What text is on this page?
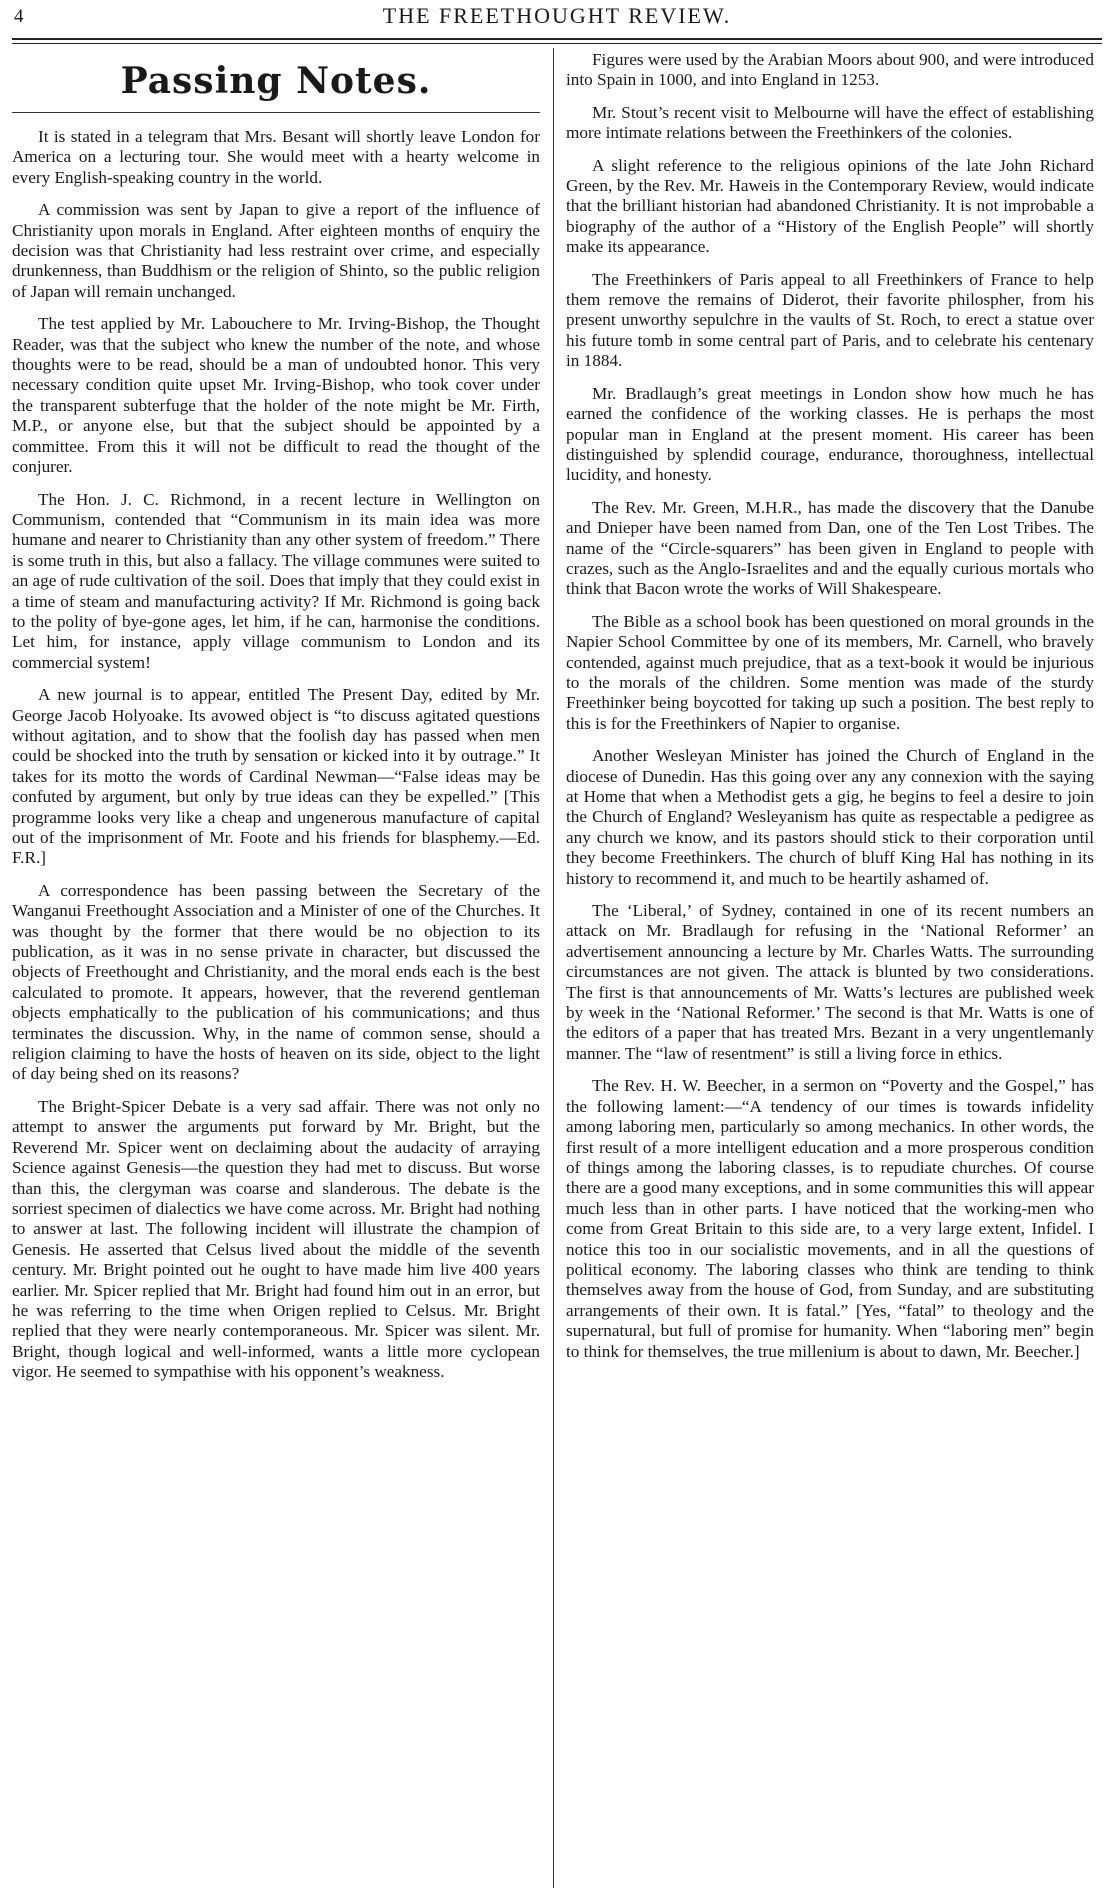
4	THE FREETHOUGHT REVIEW.
Passing Notes.

It is stated in a telegram that Mrs. Besant will shortly leave London for America on a lecturing tour. She would meet with a hearty welcome in every English-speaking country in the world.

A commission was sent by Japan to give a report of the influence of Christianity upon morals in England. After eighteen months of enquiry the decision was that Christianity had less restraint over crime, and especially drunkenness, than Buddhism or the religion of Shinto, so the public religion of Japan will remain unchanged.

The test applied by Mr. Labouchere to Mr. Irving-Bishop, the Thought Reader, was that the subject who knew the number of the note, and whose thoughts were to be read, should be a man of undoubted honor. This very necessary condition quite upset Mr. Irving-Bishop, who took cover under the transparent subterfuge that the holder of the note might be Mr. Firth, M.P., or anyone else, but that the subject should be appointed by a committee. From this it will not be difficult to read the thought of the conjurer.

The Hon. J. C. Richmond, in a recent lecture in Wellington on Communism, contended that “Communism in its main idea was more humane and nearer to Christianity than any other system of freedom.” There is some truth in this, but also a fallacy. The village communes were suited to an age of rude cultivation of the soil. Does that imply that they could exist in a time of steam and manufacturing activity? If Mr. Richmond is going back to the polity of bye-gone ages, let him, if he can, harmonise the conditions. Let him, for instance, apply village communism to London and its commercial system!

A new journal is to appear, entitled The Present Day, edited by Mr. George Jacob Holyoake. Its avowed object is “to discuss agitated questions without agitation, and to show that the foolish day has passed when men could be shocked into the truth by sensation or kicked into it by outrage.” It takes for its motto the words of Cardinal Newman—“False ideas may be confuted by argument, but only by true ideas can they be expelled.” [This programme looks very like a cheap and ungenerous manufacture of capital out of the imprisonment of Mr. Foote and his friends for blasphemy.—Ed. F.R.]

A correspondence has been passing between the Secretary of the Wanganui Freethought Association and a Minister of one of the Churches. It was thought by the former that there would be no objection to its publication, as it was in no sense private in character, but discussed the objects of Freethought and Christianity, and the moral ends each is the best calculated to promote. It appears, however, that the reverend gentleman objects emphatically to the publication of his communications; and thus terminates the discussion. Why, in the name of common sense, should a religion claiming to have the hosts of heaven on its side, object to the light of day being shed on its reasons?

The Bright-Spicer Debate is a very sad affair. There was not only no attempt to answer the arguments put forward by Mr. Bright, but the Reverend Mr. Spicer went on declaiming about the audacity of arraying Science against Genesis—the question they had met to discuss. But worse than this, the clergyman was coarse and slanderous. The debate is the sorriest specimen of dialectics we have come across. Mr. Bright had nothing to answer at last. The following incident will illustrate the champion of Genesis. He asserted that Celsus lived about the middle of the seventh century. Mr. Bright pointed out he ought to have made him live 400 years earlier. Mr. Spicer replied that Mr. Bright had found him out in an error, but he was referring to the time when Origen replied to Celsus. Mr. Bright replied that they were nearly contemporaneous. Mr. Spicer was silent. Mr. Bright, though logical and well-informed, wants a little more cyclopean vigor. He seemed to sympathise with his opponent’s weakness.

Figures were used by the Arabian Moors about 900, and were introduced into Spain in 1000, and into England in 1253.

Mr. Stout’s recent visit to Melbourne will have the effect of establishing more intimate relations between the Freethinkers of the colonies.

A slight reference to the religious opinions of the late John Richard Green, by the Rev. Mr. Haweis in the Contemporary Review, would indicate that the brilliant historian had abandoned Christianity. It is not improbable a biography of the author of a “History of the English People” will shortly make its appearance.

The Freethinkers of Paris appeal to all Freethinkers of France to help them remove the remains of Diderot, their favorite philospher, from his present unworthy sepulchre in the vaults of St. Roch, to erect a statue over his future tomb in some central part of Paris, and to celebrate his centenary in 1884.

Mr. Bradlaugh’s great meetings in London show how much he has earned the confidence of the working classes. He is perhaps the most popular man in England at the present moment. His career has been distinguished by splendid courage, endurance, thoroughness, intellectual lucidity, and honesty.

The Rev. Mr. Green, M.H.R., has made the discovery that the Danube and Dnieper have been named from Dan, one of the Ten Lost Tribes. The name of the “Circle-squarers” has been given in England to people with crazes, such as the Anglo-Israelites and and the equally curious mortals who think that Bacon wrote the works of Will Shakespeare.

The Bible as a school book has been questioned on moral grounds in the Napier School Committee by one of its members, Mr. Carnell, who bravely contended, against much prejudice, that as a text-book it would be injurious to the morals of the children. Some mention was made of the sturdy Freethinker being boycotted for taking up such a position. The best reply to this is for the Freethinkers of Napier to organise.

Another Wesleyan Minister has joined the Church of England in the diocese of Dunedin. Has this going over any any connexion with the saying at Home that when a Methodist gets a gig, he begins to feel a desire to join the Church of England? Wesleyanism has quite as respectable a pedigree as any church we know, and its pastors should stick to their corporation until they become Freethinkers. The church of bluff King Hal has nothing in its history to recommend it, and much to be heartily ashamed of.

The ‘Liberal,’ of Sydney, contained in one of its recent numbers an attack on Mr. Bradlaugh for refusing in the ‘National Reformer’ an advertisement announcing a lecture by Mr. Charles Watts. The surrounding circumstances are not given. The attack is blunted by two considerations. The first is that announcements of Mr. Watts’s lectures are published week by week in the ‘National Reformer.’ The second is that Mr. Watts is one of the editors of a paper that has treated Mrs. Bezant in a very ungentlemanly manner. The “law of resentment” is still a living force in ethics.

The Rev. H. W. Beecher, in a sermon on “Poverty and the Gospel,” has the following lament:—“A tendency of our times is towards infidelity among laboring men, particularly so among mechanics. In other words, the first result of a more intelligent education and a more prosperous condition of things among the laboring classes, is to repudiate churches. Of course there are a good many exceptions, and in some communities this will appear much less than in other parts. I have noticed that the working-men who come from Great Britain to this side are, to a very large extent, Infidel. I notice this too in our socialistic movements, and in all the questions of political economy. The laboring classes who think are tending to think themselves away from the house of God, from Sunday, and are substituting arrangements of their own. It is fatal.” [Yes, “fatal” to theology and the supernatural, but full of promise for humanity. When “laboring men” begin to think for themselves, the true millenium is about to dawn, Mr. Beecher.]
